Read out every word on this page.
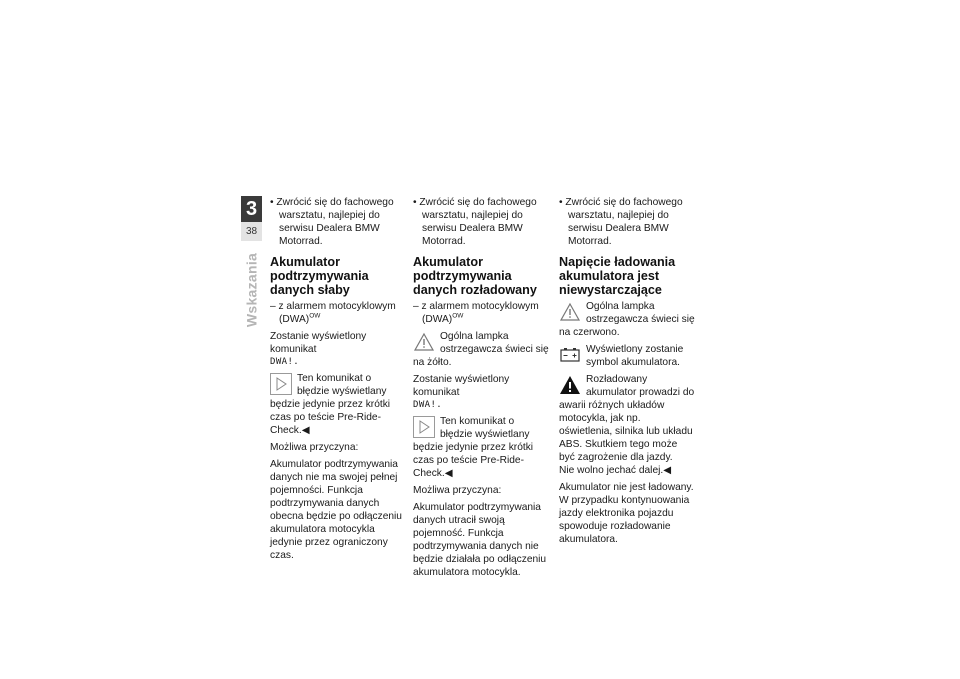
3
38
Wskazania

• Zwrócić się do fachowego warsztatu, najlepiej do serwisu Dealera BMW Motorrad.

Akumulator podtrzymywania danych słaby

– z alarmem motocyklowym (DWA)$^{OW}$

Zostanie wyświetlony komunikat
DWA!.

Ten komunikat o błędzie wyświetlany będzie jedynie przez krótki czas po teście Pre-Ride-Check.◀

Możliwa przyczyna:

Akumulator podtrzymywania danych nie ma swojej pełnej pojemności. Funkcja podtrzymywania danych obecna będzie po odłączeniu akumulatora motocykla jedynie przez ograniczony czas.

• Zwrócić się do fachowego warsztatu, najlepiej do serwisu Dealera BMW Motorrad.

Akumulator podtrzymywania danych rozładowany

– z alarmem motocyklowym (DWA)$^{OW}$

Ogólna lampka ostrzegawcza świeci się na żółto.

Zostanie wyświetlony komunikat
DWA!.

Ten komunikat o błędzie wyświetlany będzie jedynie przez krótki czas po teście Pre-Ride-Check.◀

Możliwa przyczyna:

Akumulator podtrzymywania danych utracił swoją pojemność. Funkcja podtrzymywania danych nie będzie działała po odłączeniu akumulatora motocykla.

• Zwrócić się do fachowego warsztatu, najlepiej do serwisu Dealera BMW Motorrad.

Napięcie ładowania akumulatora jest niewystarczające
Ogólna lampka ostrzegawcza świeci się na czerwono.
Wyświetlony zostanie symbol akumulatora.
Rozładowany akumulator prowadzi do awarii różnych układów motocykla, jak np. oświetlenia, silnika lub układu ABS. Skutkiem tego może być zagrożenie dla jazdy.
Nie wolno jechać dalej.◀

Akumulator nie jest ładowany. W przypadku kontynuowania jazdy elektronika pojazdu spowoduje rozładowanie akumulatora.
